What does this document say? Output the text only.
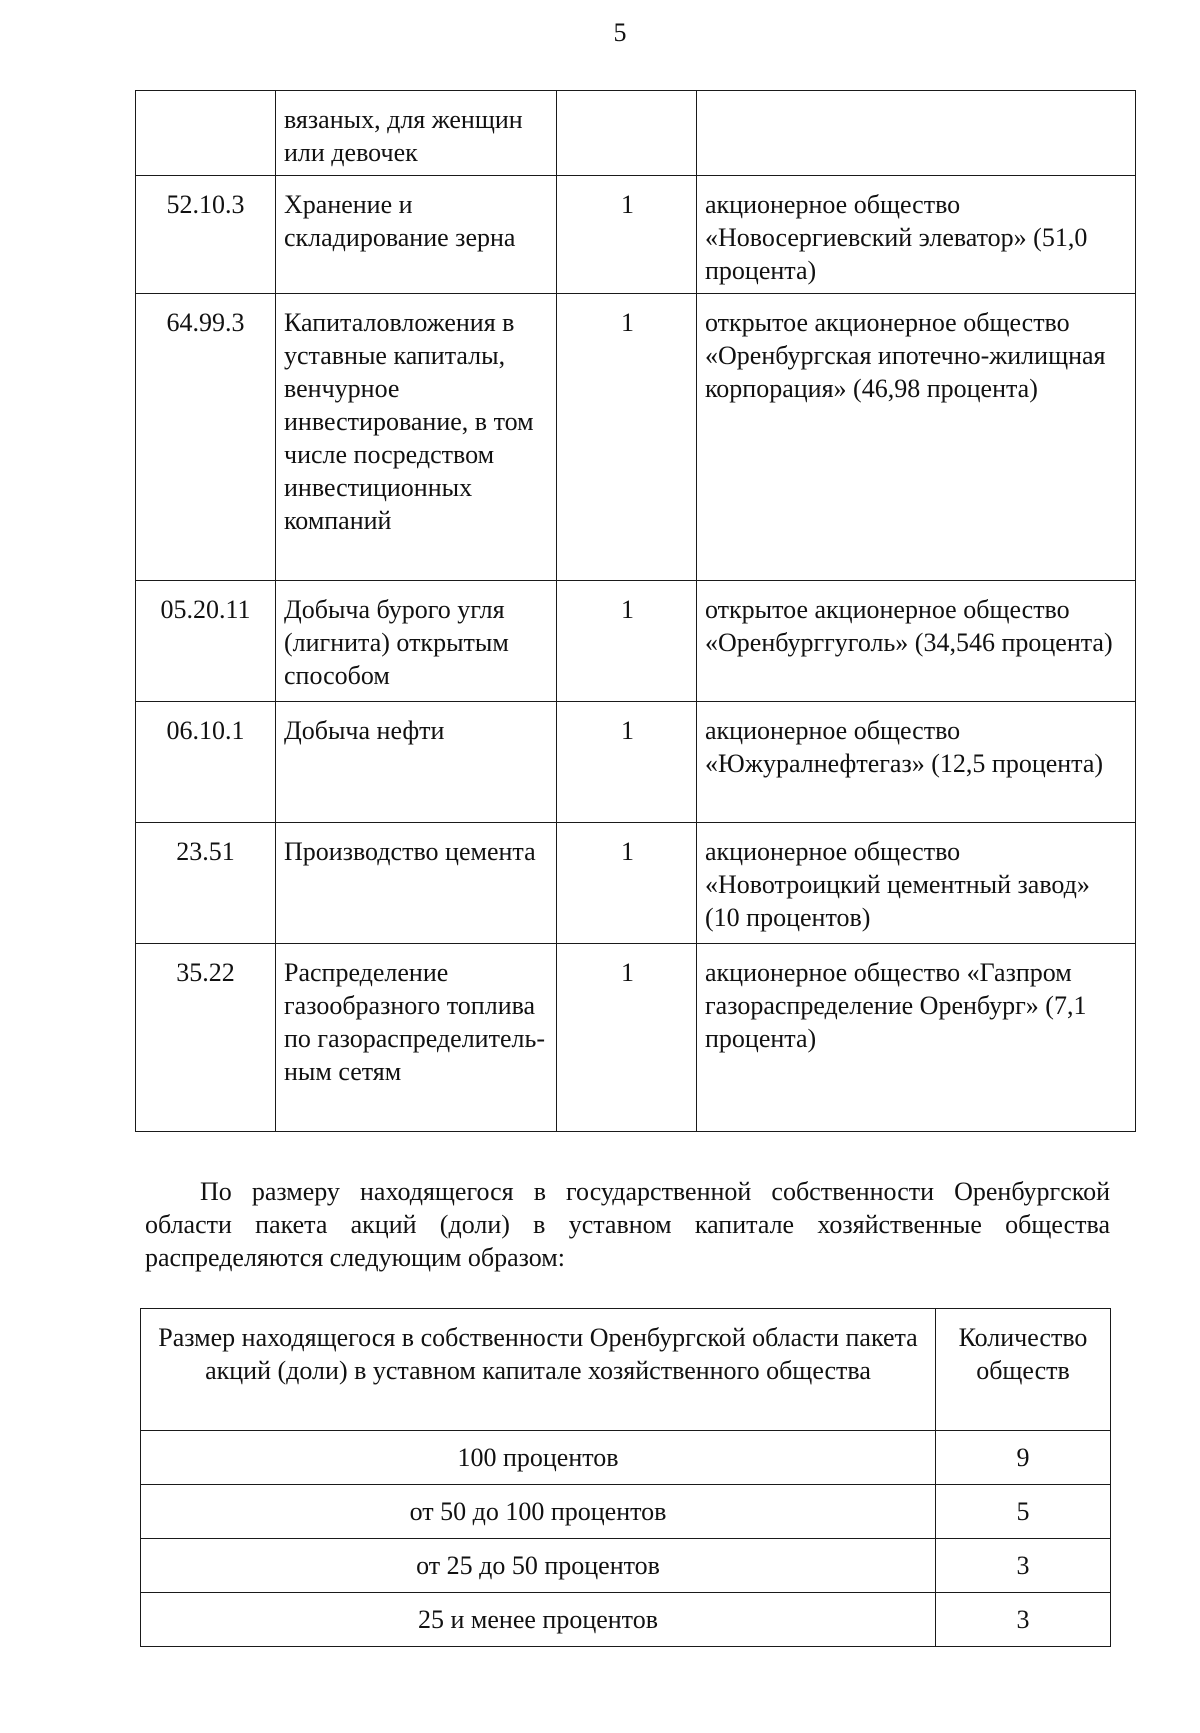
5
	вязаных, для женщин или девочек		
52.10.3	Хранение и складирование зерна	1	акционерное общество «Новосергиевский элеватор» (51,0 процента)
64.99.3	Капиталовложения в уставные капиталы, венчурное инвестирование, в том числе посредством инвестиционных компаний	1	открытое акционерное общество «Оренбургская ипотечно-жилищная корпорация» (46,98 процента)
05.20.11	Добыча бурого угля (лигнита) открытым способом	1	открытое акционерное общество «Оренбурггуголь» (34,546 процента)
06.10.1	Добыча нефти	1	акционерное общество «Южуралнефтегаз» (12,5 процента)
23.51	Производство цемента	1	акционерное общество «Новотроицкий цементный завод» (10 процентов)
35.22	Распределение газообразного топлива по газораспределитель-ным сетям	1	акционерное общество «Газпром газораспределение Оренбург» (7,1 процента)

По размеру находящегося в государственной собственности Оренбургской области пакета акций (доли) в уставном капитале хозяйственные общества распределяются следующим образом:

Размер находящегося в собственности Оренбургской области пакета акций (доли) в уставном капитале хозяйственного общества	Количество обществ
100 процентов	9
от 50 до 100 процентов	5
от 25 до 50 процентов	3
25 и менее процентов	3
